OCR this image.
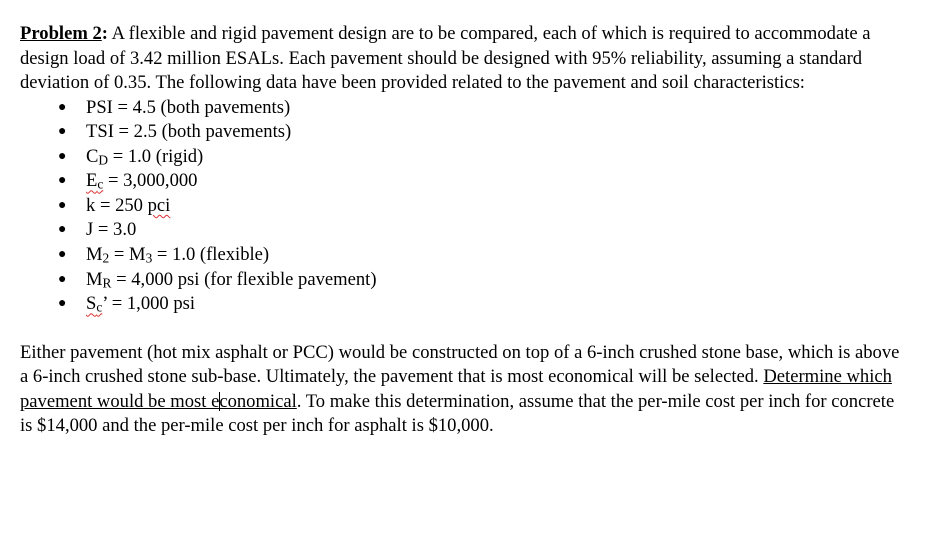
Problem 2: A flexible and rigid pavement design are to be compared, each of which is required to accommodate a design load of 3.42 million ESALs. Each pavement should be designed with 95% reliability, assuming a standard deviation of 0.35. The following data have been provided related to the pavement and soil characteristics:

● PSI = 4.5 (both pavements)
● TSI = 2.5 (both pavements)
● $C_D = 1.0$ (rigid)
● $E_c = 3,000,000$
● k = 250 pci
● J = 3.0
● $M_2 = M_3 = 1.0$ (flexible)
● $M_R = 4,000$ psi (for flexible pavement)
● $S_c$’ = 1,000 psi

Either pavement (hot mix asphalt or PCC) would be constructed on top of a 6-inch crushed stone base, which is above a 6-inch crushed stone sub-base. Ultimately, the pavement that is most economical will be selected. Determine which pavement would be most economical. To make this determination, assume that the per-mile cost per inch for concrete is $14,000 and the per-mile cost per inch for asphalt is $10,000.
